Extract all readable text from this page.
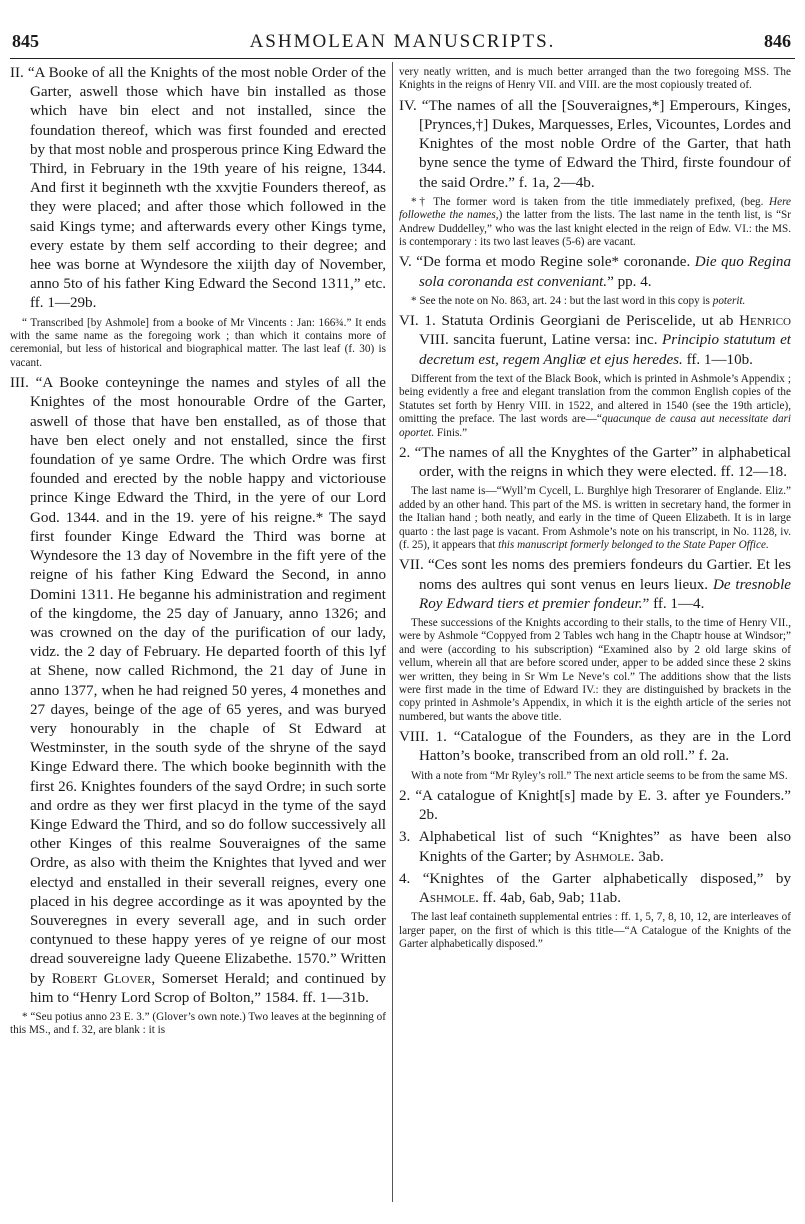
845	ASHMOLEAN MANUSCRIPTS.	846

II. “A Booke of all the Knights of the most noble Order of the Garter, aswell those which have bin installed as those which have bin elect and not installed, since the foundation thereof, which was first founded and erected by that most noble and prosperous prince King Edward the Third, in February in the 19th yeare of his reigne, 1344. And first it beginneth wth the xxvjtie Founders thereof, as they were placed; and after those which followed in the said Kings tyme; and afterwards every other Kings tyme, every estate by them self according to their degree; and hee was borne at Wyndesore the xiijth day of November, anno 5to of his father King Edward the Second 1311,” etc. ff. 1—29b.

“ Transcribed [by Ashmole] from a booke of Mr Vincents : Jan: 166¾.” It ends with the same name as the foregoing work ; than which it contains more of ceremonial, but less of historical and biographical matter. The last leaf (f. 30) is vacant.

III. “A Booke conteyninge the names and styles of all the Knightes of the most honourable Ordre of the Garter, aswell of those that have ben enstalled, as of those that have ben elect onely and not enstalled, since the first foundation of ye same Ordre. The which Ordre was first founded and erected by the noble happy and victoriouse prince Kinge Edward the Third, in the yere of our Lord God. 1344. and in the 19. yere of his reigne.* The sayd first founder Kinge Edward the Third was borne at Wyndesore the 13 day of Novembre in the fift yere of the reigne of his father King Edward the Second, in anno Domini 1311. He beganne his administration and regiment of the kingdome, the 25 day of January, anno 1326; and was crowned on the day of the purification of our lady, vidz. the 2 day of February. He departed foorth of this lyf at Shene, now called Richmond, the 21 day of June in anno 1377, when he had reigned 50 yeres, 4 monethes and 27 dayes, beinge of the age of 65 yeres, and was buryed very honourably in the chaple of St Edward at Westminster, in the south syde of the shryne of the sayd Kinge Edward there. The which booke beginnith with the first 26. Knightes founders of the sayd Ordre; in such sorte and ordre as they wer first placyd in the tyme of the sayd Kinge Edward the Third, and so do follow successively all other Kinges of this realme Souveraignes of the same Ordre, as also with theim the Knightes that lyved and wer electyd and enstalled in their severall reignes, every one placed in his degree accordinge as it was apoynted by the Souveregnes in every severall age, and in such order contynued to these happy yeres of ye reigne of our most dread souvereigne lady Queene Elizabethe. 1570.” Written by Robert Glover, Somerset Herald; and continued by him to “Henry Lord Scrop of Bolton,” 1584. ff. 1—31b.

* “Seu potius anno 23 E. 3.” (Glover’s own note.) Two leaves at the beginning of this MS., and f. 32, are blank : it is

very neatly written, and is much better arranged than the two foregoing MSS. The Knights in the reigns of Henry VII. and VIII. are the most copiously treated of.

IV. “The names of all the [Souveraignes,*] Emperours, Kinges, [Prynces,†] Dukes, Marquesses, Erles, Vicountes, Lordes and Knightes of the most noble Ordre of the Garter, that hath byne sence the tyme of Edward the Third, firste foundour of the said Ordre.” f. 1a, 2—4b.

*† The former word is taken from the title immediately prefixed, (beg. Here followethe the names,) the latter from the lists. The last name in the tenth list, is “Sr Andrew Duddelley,” who was the last knight elected in the reign of Edw. VI.: the MS. is contemporary : its two last leaves (5-6) are vacant.

V. “De forma et modo Regine sole* coronande. Die quo Regina sola coronanda est conveniant.” pp. 4.

* See the note on No. 863, art. 24 : but the last word in this copy is poterit.

VI. 1. Statuta Ordinis Georgiani de Periscelide, ut ab Henrico VIII. sancita fuerunt, Latine versa: inc. Principio statutum et decretum est, regem Angliæ et ejus heredes. ff. 1—10b.

Different from the text of the Black Book, which is printed in Ashmole’s Appendix ; being evidently a free and elegant translation from the common English copies of the Statutes set forth by Henry VIII. in 1522, and altered in 1540 (see the 19th article), omitting the preface. The last words are—“quacunque de causa aut necessitate dari oportet. Finis.”

2. “The names of all the Knyghtes of the Garter” in alphabetical order, with the reigns in which they were elected. ff. 12—18.

The last name is—“Wyll’m Cycell, L. Burghlye high Tresorarer of Englande. Eliz.” added by an other hand. This part of the MS. is written in secretary hand, the former in the Italian hand ; both neatly, and early in the time of Queen Elizabeth. It is in large quarto : the last page is vacant. From Ashmole’s note on his transcript, in No. 1128, iv. (f. 25), it appears that this manuscript formerly belonged to the State Paper Office.

VII. “Ces sont les noms des premiers fondeurs du Gartier. Et les noms des aultres qui sont venus en leurs lieux. De tresnoble Roy Edward tiers et premier fondeur.” ff. 1—4.

These successions of the Knights according to their stalls, to the time of Henry VII., were by Ashmole “Coppyed from 2 Tables wch hang in the Chaptr house at Windsor;” and were (according to his subscription) “Examined also by 2 old large skins of vellum, wherein all that are before scored under, apper to be added since these 2 skins wer written, they being in Sr Wm Le Neve’s col.” The additions show that the lists were first made in the time of Edward IV.: they are distinguished by brackets in the copy printed in Ashmole’s Appendix, in which it is the eighth article of the series not numbered, but wants the above title.

VIII. 1. “Catalogue of the Founders, as they are in the Lord Hatton’s booke, transcribed from an old roll.” f. 2a.

With a note from “Mr Ryley’s roll.” The next article seems to be from the same MS.

2. “A catalogue of Knight[s] made by E. 3. after ye Founders.” 2b.

3. Alphabetical list of such “Knightes” as have been also Knights of the Garter; by Ashmole. 3ab.

4. “Knightes of the Garter alphabetically disposed,” by Ashmole. ff. 4ab, 6ab, 9ab; 11ab.

The last leaf containeth supplemental entries : ff. 1, 5, 7, 8, 10, 12, are interleaves of larger paper, on the first of which is this title—“A Catalogue of the Knights of the Garter alphabetically disposed.”
